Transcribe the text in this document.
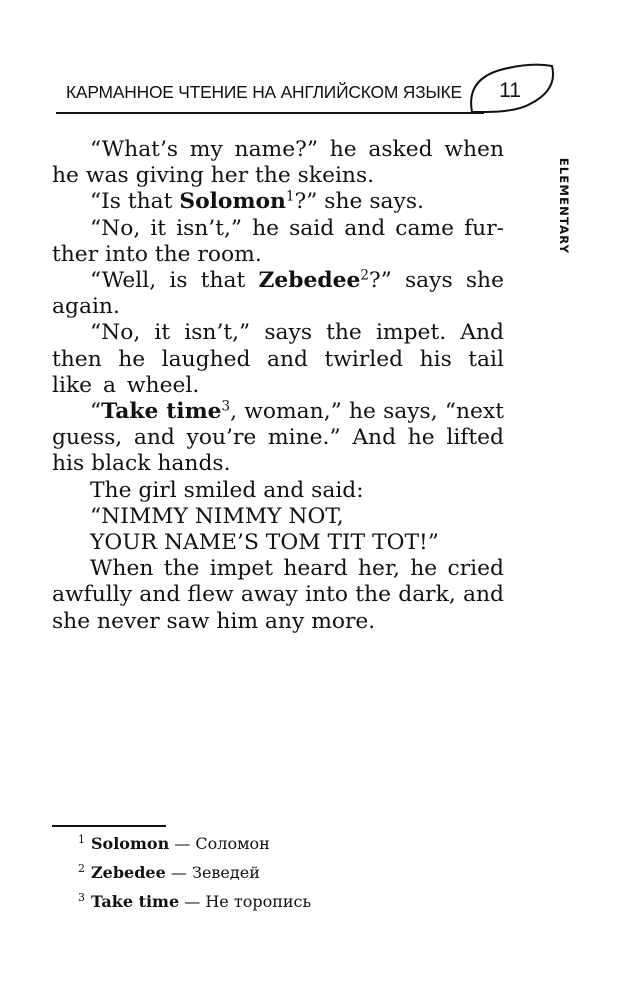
КАРМАННОЕ ЧТЕНИЕ НА АНГЛИЙСКОМ ЯЗЫКЕ	11
ELEMENTARY

“What’s my name?” he asked when he was giving her the skeins.

“Is that Solomon$^1$?” she says.

“No, it isn’t,” he said and came further into the room.

“Well, is that Zebedee$^2$?” says she again.

“No, it isn’t,” says the impet. And then he laughed and twirled his tail like a wheel.

“Take time$^3$, woman,” he says, “next guess, and you’re mine.” And he lifted his black hands.

The girl smiled and said:

“NIMMY NIMMY NOT,

YOUR NAME’S TOM TIT TOT!”

When the impet heard her, he cried awfully and flew away into the dark, and she never saw him any more.

1 Solomon — Соломон
2 Zebedee — Зеведей
3 Take time — Не торопись
